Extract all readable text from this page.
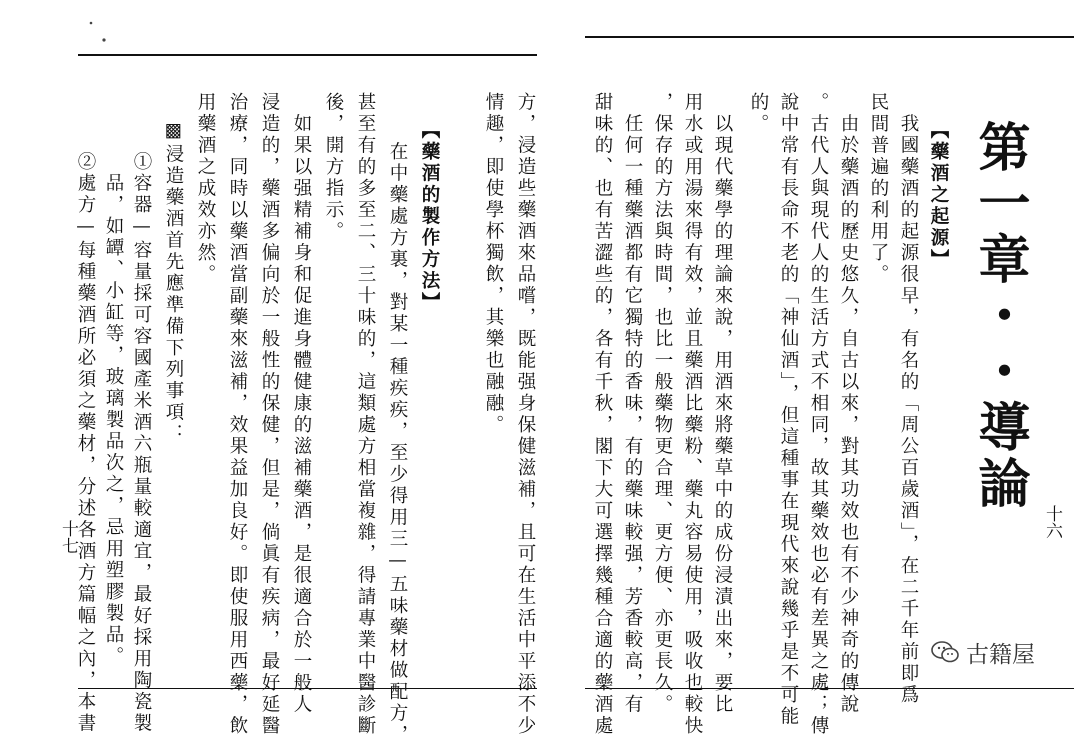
方，浸造些藥酒來品嚐，既能强身保健滋補，且可在生活中平添不少
情趣，即使學杯獨飲，其樂也融融。
【藥酒的製作方法】
　在中藥處方裏，對某一種疾疾，至少得用三—五味藥材做配方，
甚至有的多至二、三十味的，這類處方相當複雜，得請專業中醫診斷
後，開方指示。
　如果以强精補身和促進身體健康的滋補藥酒，是很適合於一般人
浸造的，藥酒多偏向於一般性的保健，但是，倘眞有疾病，最好延醫
治療，同時以藥酒當副藥來滋補，效果益加良好。即使服用西藥，飲
用藥酒之成效亦然。
▩浸造藥酒首先應準備下列事項：
　①容器—容量採可容國產米酒六瓶量較適宜，最好採用陶瓷製
　　品，如罈、小缸等，玻璃製品次之，忌用塑膠製品。
　②處方—每種藥酒所必須之藥材，分述各酒方篇幅之內，本書
十七
第一章・・導論
【藥酒之起源】
　我國藥酒的起源很早，有名的「周公百歲酒」，在二千年前即爲
民間普遍的利用了。
　由於藥酒的歷史悠久，自古以來，對其功效也有不少神奇的傳說
。古代人與現代人的生活方式不相同，故其藥效也必有差異之處；傳
說中常有長命不老的「神仙酒」，但這種事在現代來說幾乎是不可能
的。
　以現代藥學的理論來說，用酒來將藥草中的成份浸漬出來，要比
用水或用湯來得有效，並且藥酒比藥粉、藥丸容易使用，吸收也較快
，保存的方法與時間，也比一般藥物更合理、更方便、亦更長久。
　任何一種藥酒都有它獨特的香味，有的藥味較强，芳香較高，有
甜味的、也有苦澀些的，各有千秋，閣下大可選擇幾種合適的藥酒處	十六
古籍屋
